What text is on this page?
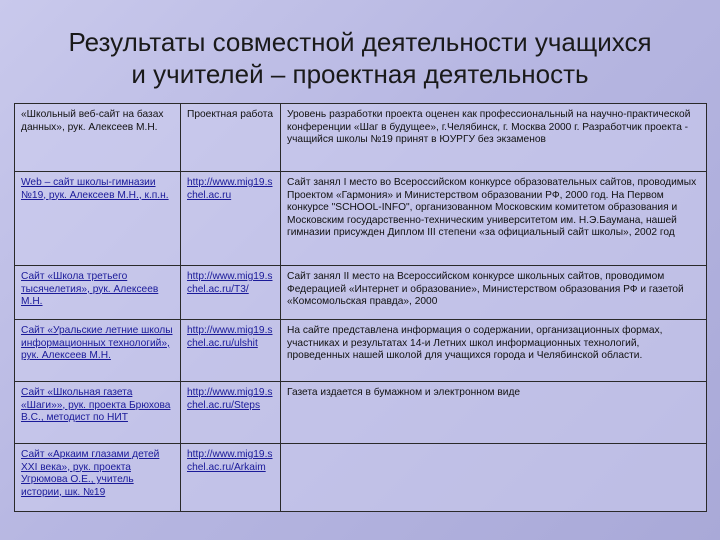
Результаты совместной деятельности учащихся
и учителей – проектная деятельность
«Школьный веб-сайт на базах данных», рук. Алексеев М.Н.	Проектная работа	Уровень разработки проекта оценен как профессиональный на научно-практической конференции «Шаг в будущее», г.Челябинск, г. Москва 2000 г. Разработчик проекта - учащийся школы №19 принят в ЮУРГУ без экзаменов
Web – сайт школы-гимназии №19, рук. Алексеев М.Н., к.п.н.	http://www.mig19.schel.ac.ru	Сайт занял I место во Всероссийском конкурсе образовательных сайтов, проводимых Проектом «Гармония» и Министерством образовании РФ, 2000 год. На Первом конкурсе "SCHOOL-INFO", организованном Московским комитетом образования и Московским государственно-техническим университетом им. Н.Э.Баумана, нашей гимназии присужден Диплом III степени «за официальный сайт школы», 2002 год
Сайт «Школа третьего тысячелетия», рук. Алексеев М.Н.	http://www.mig19.schel.ac.ru/T3/	Сайт занял II место на Всероссийском конкурсе школьных сайтов, проводимом Федерацией «Интернет и образование», Министерством образования РФ и газетой «Комсомольская правда», 2000
Сайт «Уральские летние школы информационных технологий», рук. Алексеев М.Н.	http://www.mig19.schel.ac.ru/ulshit	На сайте представлена информация о содержании, организационных формах, участниках и результатах 14-и Летних школ информационных технологий, проведенных нашей школой для учащихся города и Челябинской области.
Сайт «Школьная газета «Шаги»», рук. проекта Брюхова В.С., методист по НИТ	http://www.mig19.schel.ac.ru/Steps	Газета издается в бумажном и электронном виде
Сайт «Аркаим глазами детей XXI века», рук. проекта Угрюмова О.Е., учитель истории, шк. №19	http://www.mig19.schel.ac.ru/Arkaim	
